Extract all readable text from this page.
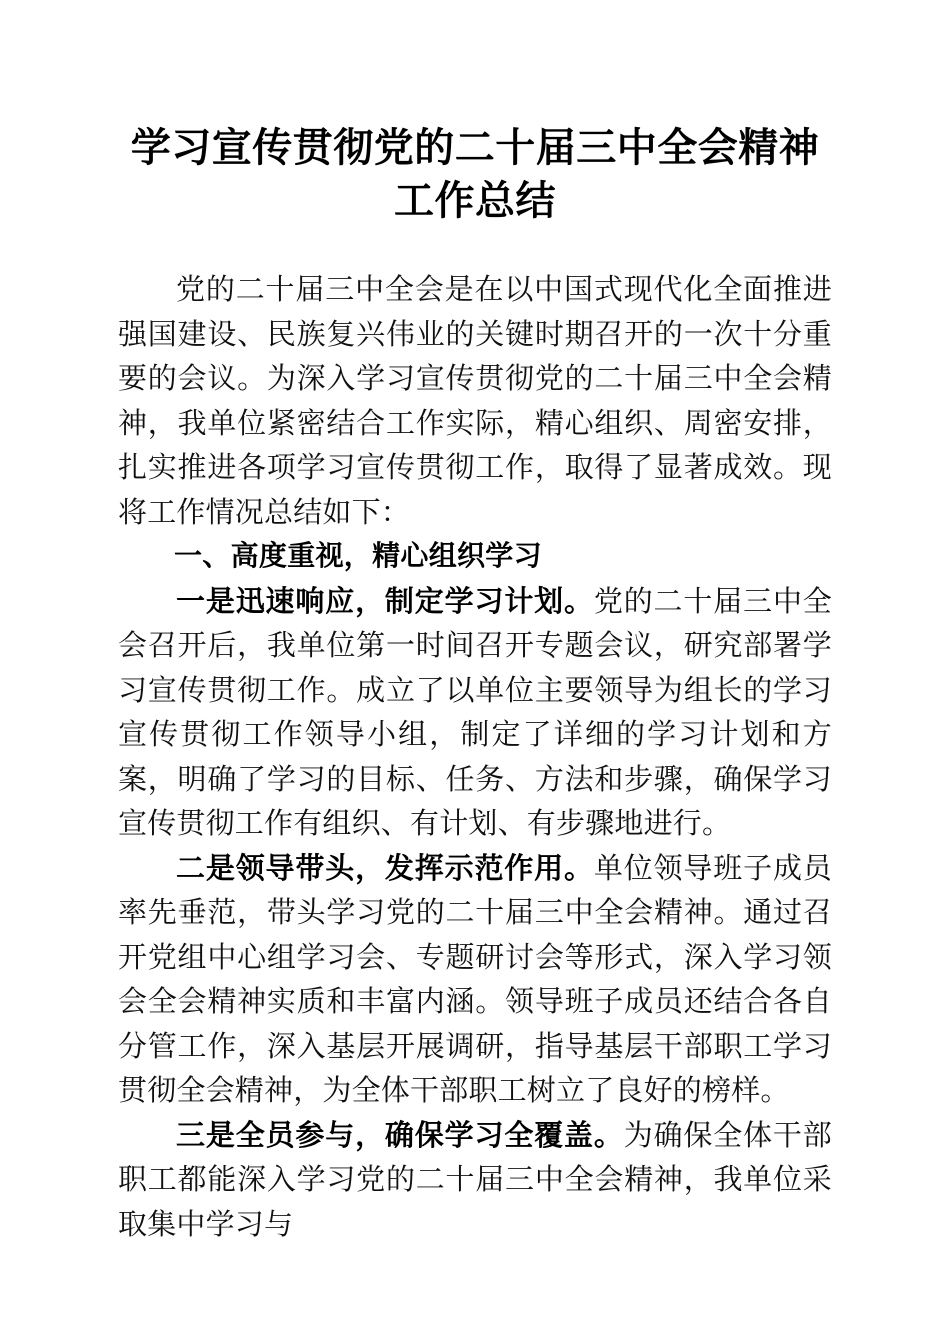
学习宣传贯彻党的二十届三中全会精神工作总结

党的二十届三中全会是在以中国式现代化全面推进强国建设、民族复兴伟业的关键时期召开的一次十分重要的会议。为深入学习宣传贯彻党的二十届三中全会精神，我单位紧密结合工作实际，精心组织、周密安排，扎实推进各项学习宣传贯彻工作，取得了显著成效。现将工作情况总结如下：

一、高度重视，精心组织学习

一是迅速响应，制定学习计划。党的二十届三中全会召开后，我单位第一时间召开专题会议，研究部署学习宣传贯彻工作。成立了以单位主要领导为组长的学习宣传贯彻工作领导小组，制定了详细的学习计划和方案，明确了学习的目标、任务、方法和步骤，确保学习宣传贯彻工作有组织、有计划、有步骤地进行。

二是领导带头，发挥示范作用。单位领导班子成员率先垂范，带头学习党的二十届三中全会精神。通过召开党组中心组学习会、专题研讨会等形式，深入学习领会全会精神实质和丰富内涵。领导班子成员还结合各自分管工作，深入基层开展调研，指导基层干部职工学习贯彻全会精神，为全体干部职工树立了良好的榜样。

三是全员参与，确保学习全覆盖。为确保全体干部职工都能深入学习党的二十届三中全会精神，我单位采取集中学习与
